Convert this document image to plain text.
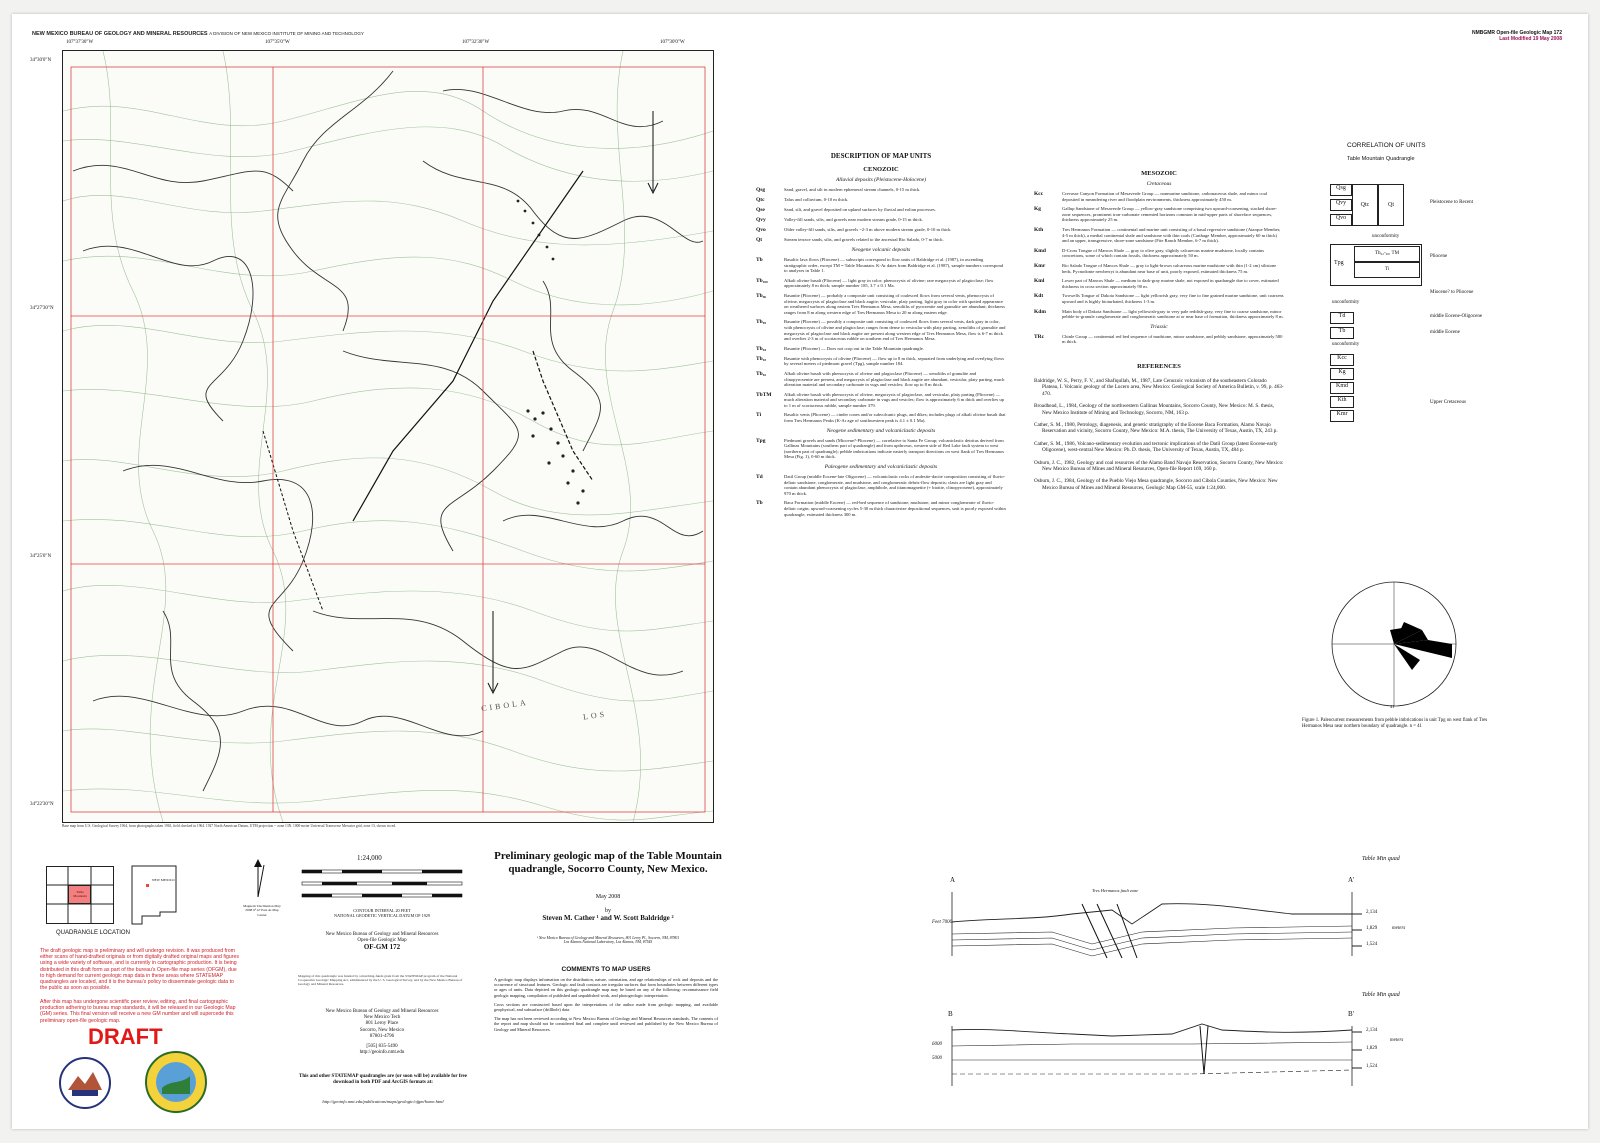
NEW MEXICO BUREAU OF GEOLOGY AND MINERAL RESOURCES A DIVISION OF NEW MEXICO INSTITUTE OF MINING AND TECHNOLOGY	NMBGMR Open-file Geologic Map 172
Last Modified 19 May 2008
107°37'30"W	107°35'0"W	107°32'30"W	107°30'0"W
34°30'0"N
34°27'30"N
34°25'0"N
34°22'30"N
CIBOLA
LOS
Base map from U.S. Geological Survey 1964, from photographs taken 1963, field checked in 1964. 1927 North American Datum, UTM projection -- zone 13N. 1000-meter Universal Transverse Mercator grid, zone 13, shown in red.
Table Mountain
NEW MEXICO
QUADRANGLE LOCATION
The draft geologic map is preliminary and will undergo revision. It was produced from either scans of hand-drafted originals or from digitally drafted original maps and figures using a wide variety of software, and is currently in cartographic production. It is being distributed in this draft form as part of the bureau's Open-file map series (OFGM), due to high demand for current geologic map data in these areas where STATEMAP quadrangles are located, and it is the bureau's policy to disseminate geologic data to the public as soon as possible.
After this map has undergone scientific peer review, editing, and final cartographic production adhering to bureau map standards, it will be released in our Geologic Map (GM) series. This final version will receive a new GM number and will supercede this preliminary open-file geologic map.
DRAFT
Magnetic Declination May 2008 9°12' East At Map Center
1:24,000
CONTOUR INTERVAL 20 FEET
NATIONAL GEODETIC VERTICAL DATUM OF 1929
New Mexico Bureau of Geology and Mineral Resources
Open-file Geologic Map
OF-GM 172
Mapping of this quadrangle was funded by a matching-funds grant from the STATEMAP program of the National Cooperative Geologic Mapping Act, administered by the U. S. Geological Survey, and by the New Mexico Bureau of Geology and Mineral Resources.
New Mexico Bureau of Geology and Mineral Resources
New Mexico Tech
801 Leroy Place
Socorro, New Mexico
87801-4796
[505] 835-5490
http://geoinfo.nmt.edu
This and other STATEMAP quadrangles are (or soon will be) available for free download in both PDF and ArcGIS formats at:
http://geoinfo.nmt.edu/publications/maps/geologic/ofgm/home.html
Preliminary geologic map of the Table Mountain
quadrangle, Socorro County, New Mexico.
May 2008
by
Steven M. Cather ¹ and W. Scott Baldridge ²
¹ New Mexico Bureau of Geology and Mineral Resources, 801 Leroy Pl., Socorro, NM, 87801
Los Alamos National Laboratory, Los Alamos, NM, 87545
COMMENTS TO MAP USERS
A geologic map displays information on the distribution, nature, orientation, and age relationships of rock and deposits and the occurrence of structural features. Geologic and fault contacts are irregular surfaces that form boundaries between different types or ages of units. Data depicted on this geologic quadrangle map may be based on any of the following: reconnaissance field geologic mapping, compilation of published and unpublished work, and photogeologic interpretation.
Cross sections are constructed based upon the interpretations of the author made from geologic mapping, and available geophysical, and subsurface (drillhole) data.
The map has not been reviewed according to New Mexico Bureau of Geology and Mineral Resources standards. The contents of the report and map should not be considered final and complete until reviewed and published by the New Mexico Bureau of Geology and Mineral Resources.
DESCRIPTION OF MAP UNITS
CENOZOIC
Alluvial deposits (Pleistocene-Holocene)
Qsg	Sand, gravel, and silt in modern ephemeral stream channels, 0-15 m thick.
Qtc	Talus and colluvium, 0-10 m thick.
Qse	Sand, silt, and gravel deposited on upland surfaces by fluvial and eolian processes.
Qvy	Valley-fill sands, silts, and gravels near modern stream grade, 0-15 m thick.
Qvo	Older valley-fill sands, silts, and gravels ~2-3 m above modern stream grade, 0-10 m thick.
Qt	Stream terrace sands, silts, and gravels related to the ancestral Rio Salado, 0-7 m thick.
Neogene volcanic deposits
Tb	Basaltic lava flows (Pliocene) — subscripts correspond to flow units of Baldridge et al. (1987), in ascending stratigraphic order, except TM = Table Mountain. K-Ar dates from Baldridge et al. (1987), sample numbers correspond to analyses in Table 1.
Tb₁₀₀	Alkali olivine basalt (Pliocene) — light gray in color; phenocrysts of olivine; rare megacrysts of plagioclase; flow approximately 8 m thick; sample number 185, 3.7 ± 0.1 Ma.
Tb₉₆	Basanite (Pliocene) — probably a composite unit consisting of coalesced flows from several vents, phenocrysts of olivine, megacrysts of plagioclase and black augite; vesicular, platy parting, light gray in color with spotted appearance on weathered surfaces along eastern Tres Hermanos Mesa, xenoliths of pyroxenite and granulite are abundant; thickness ranges from 8 m along western edge of Tres Hermanos Mesa to 20 m along eastern edge.
Tb₉₅	Basanite (Pliocene) — possibly a composite unit consisting of coalesced flows from several vents, dark gray in color, with phenocrysts of olivine and plagioclase; ranges from dense to vesicular with platy parting, xenoliths of granulite and megacrysts of plagioclase and black augite are present along western edge of Tres Hermanos Mesa, flow is 6-7 m thick and overlies 2-3 m of scoriaceous rubble on southern end of Tres Hermanos Mesa.
Tb₉₄	Basanite (Pliocene) — Does not crop out in the Table Mountain quadrangle.
Tb₉₃	Basanite with phenocrysts of olivine (Pliocene) — flow up to 8 m thick, separated from underlying and overlying flows by several meters of piedmont gravel (Tpg), sample number 184.
Tb₉₂	Alkali olivine basalt with phenocrysts of olivine and plagioclase (Pliocene) — xenoliths of granulite and clinopyroxenite are present, and megacrysts of plagioclase and black augite are abundant, vesicular, platy parting, much alteration material and secondary carbonate in vugs and vesicles; flow up to 8 m thick.
TbTM	Alkali olivine basalt with phenocrysts of olivine, megacrysts of plagioclase, and vesicular, platy parting (Pliocene) — much alteration material and secondary carbonate in vugs and vesicles; flow is approximately 6 m thick and overlies up to 1 m of scoriaceous rubble, sample number 379.
Ti	Basaltic vents (Pliocene) — cinder cones and/or subvolcanic plugs, and dikes; includes plugs of alkali olivine basalt that form Tres Hermanos Peaks (K-Ar age of southwestern peak is 4.1 ± 0.1 Ma).
Neogene sedimentary and volcaniclastic deposits
Tpg	Piedmont gravels and sands (Miocene?-Pliocene) — correlative to Santa Fe Group; volcaniclastic detritus derived from Gallinas Mountains (southern part of quadrangle) and from upthrown, western side of Red Lake fault system to west (northern part of quadrangle); pebble imbrications indicate easterly transport directions on west flank of Tres Hermanos Mesa (Fig. 1), 0-60 m thick.
Paleogene sedimentary and volcaniclastic deposits
Td	Datil Group (middle Eocene-late Oligocene) — volcaniclastic rocks of andesite-dacite composition consisting of fluvio-deltaic sandstone, conglomerate, and mudstone, and conglomeratic debris-flow deposits; clasts are light gray and contain abundant phenocrysts of plagioclase, amphibole, and titanomagnetite (+ biotite, clinopyroxene), approximately 970 m thick.
Tb	Baca Formation (middle Eocene) — red-bed sequence of sandstone, mudstone, and minor conglomerate of fluvio-deltaic origin; upward-coarsening cycles 5-30 m thick characterize depositional sequences, unit is poorly exposed within quadrangle, estimated thickness 300 m.
MESOZOIC
Cretaceous
Kcc	Crevasse Canyon Formation of Mesaverde Group — nonmarine sandstone, carbonaceous shale, and minor coal deposited in meandering river and floodplain environments, thickness approximately 450 m.
Kg	Gallup Sandstone of Mesaverde Group — yellow-gray sandstone comprising two upward-coarsening, stacked shore-zone sequences, prominent iron-carbonate cemented horizons common in mid-upper parts of shoreface sequences, thickness approximately 25 m.
Kth	Tres Hermanos Formation — continental and marine unit consisting of a basal regressive sandstone (Atarque Member, 4-5 m thick), a medial continental shale and sandstone with thin coals (Carthage Member, approximately 60 m thick) and an upper, transgressive, shore-zone sandstone (Fite Ranch Member, 6-7 m thick).
Kmd	D-Cross Tongue of Mancos Shale — gray to olive gray, slightly calcareous marine mudstone, locally contains concretions, some of which contain fossils, thickness approximately 50 m.
Kmr	Rio Salado Tongue of Mancos Shale — gray to light-brown calcareous marine mudstone with thin (1-2 cm) siltstone beds, Pycnodonte newberryi is abundant near base of unit, poorly exposed, estimated thickness 75 m.
Kml	Lower part of Mancos Shale — medium to dark-gray marine shale, not exposed in quadrangle due to cover, estimated thickness in cross section approximately 90 m.
Kdt	Twowells Tongue of Dakota Sandstone — light yellowish gray, very fine to fine grained marine sandstone, unit coarsens upward and is highly bioturbated, thickness 1-3 m.
Kdm	Main body of Dakota Sandstone — light yellowish-gray to very pale reddish-gray, very fine to coarse sandstone, minor pebble-to-granule conglomerate and conglomeratic sandstone at or near base of formation, thickness approximately 8 m.
Triassic
TRc	Chinle Group — continental red bed sequence of mudstone, minor sandstone, and pebbly sandstone, approximately 580 m thick.
REFERENCES

Baldridge, W. S., Perry, F. V., and Shafiqullah, M., 1987, Late Cenozoic volcanism of the southeastern Colorado Plateau, I. Volcanic geology of the Lucero area, New Mexico: Geological Society of America Bulletin, v. 99, p. 463-470.

Broadhead, L., 1984, Geology of the northwestern Gallinas Mountains, Socorro County, New Mexico: M. S. thesis, New Mexico Institute of Mining and Technology, Socorro, NM, 163 p.

Cather, S. M., 1980, Petrology, diagenesis, and genetic stratigraphy of the Eocene Baca Formation, Alamo Navajo Reservation and vicinity, Socorro County, New Mexico: M.A. thesis, The University of Texas, Austin, TX, 243 p.

Cather, S. M., 1986, Volcano-sedimentary evolution and tectonic implications of the Datil Group (latest Eocene-early Oligocene), west-central New Mexico: Ph. D. thesis, The University of Texas, Austin, TX, 484 p.

Osburn, J. C., 1982, Geology and coal resources of the Alamo Band Navajo Reservation, Socorro County, New Mexico: New Mexico Bureau of Mines and Mineral Resources, Open-file Report 169, 160 p.

Osburn, J. C., 1984, Geology of the Pueblo Viejo Mesa quadrangle, Socorro and Cibola Counties, New Mexico: New Mexico Bureau of Mines and Mineral Resources, Geologic Map GM-55, scale 1:24,000.

CORRELATION OF UNITS
Table Mountain Quadrangle
Qsg
Qvy
Qvo
Qtc	Qt	Pleistocene to Recent
unconformity
Tpg
Tb₉₂-₉₆, TM
Ti
Pliocene
Miocene? to Pliocene
unconformity
Td
Tb
middle Eocene-Oligocene
middle Eocene
unconformity
Kcc
Kg
Kmd
Kth
Kmr
Upper Cretaceous
41
Figure 1. Paleocurrent measurements from pebble imbrications in unit Tpg on west flank of Tres Hermanos Mesa near northern boundary of quadrangle. n = 41
A	A'
Table Mtn quad
Tres Hermanos fault zone
Feet 7000
2,134
1,829	meters
1,524
B	B'
Table Mtn quad
6000
5000
2,134
1,829
meters
1,524
